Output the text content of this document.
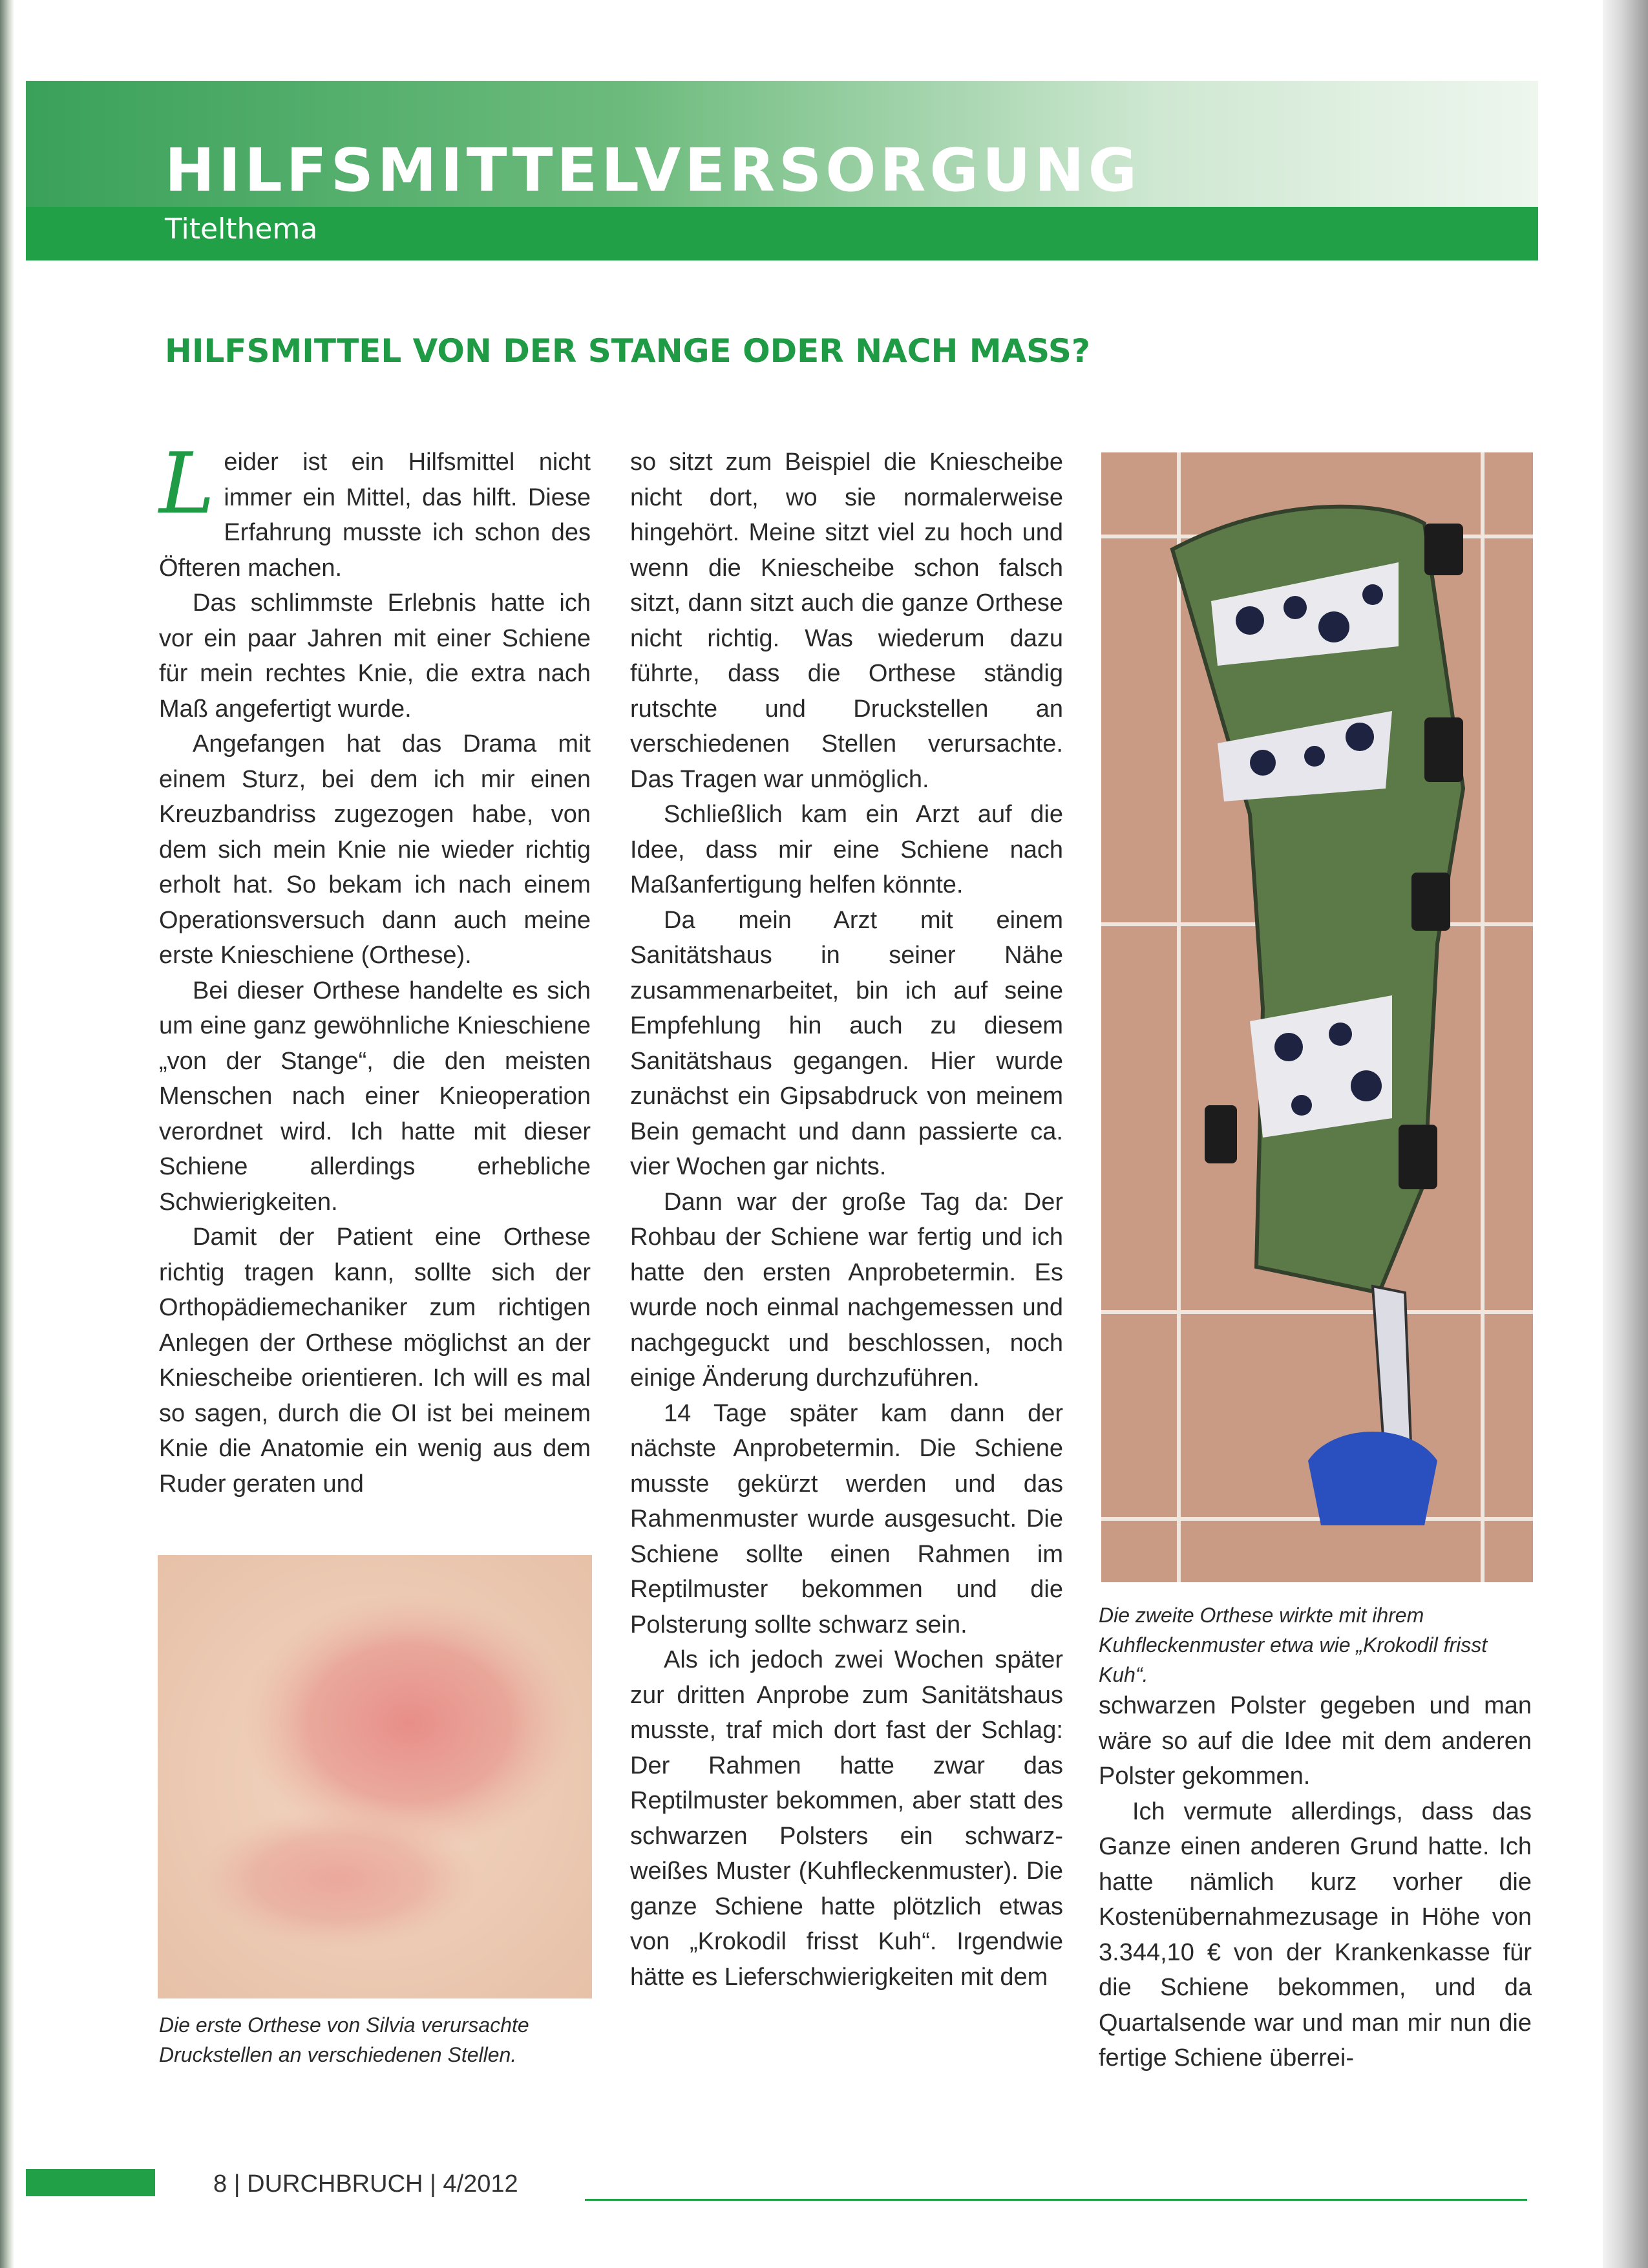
HILFSMITTELVERSORGUNG
Titelthema
HILFSMITTEL VON DER STANGE ODER NACH MASS?

Leider ist ein Hilfsmittel nicht immer ein Mittel, das hilft. Diese Erfahrung musste ich schon des Öfteren machen.

Das schlimmste Erlebnis hatte ich vor ein paar Jahren mit einer Schiene für mein rechtes Knie, die extra nach Maß angefertigt wurde.

Angefangen hat das Drama mit einem Sturz, bei dem ich mir einen Kreuzbandriss zugezogen habe, von dem sich mein Knie nie wieder richtig erholt hat. So bekam ich nach einem Operationsversuch dann auch meine erste Knieschiene (Orthese).

Bei dieser Orthese handelte es sich um eine ganz gewöhnliche Knieschiene „von der Stange“, die den meisten Menschen nach einer Knieoperation verordnet wird. Ich hatte mit dieser Schiene allerdings erhebliche Schwierigkeiten.

Damit der Patient eine Orthese richtig tragen kann, sollte sich der Orthopädiemechaniker zum richtigen Anlegen der Orthese möglichst an der Kniescheibe orientieren. Ich will es mal so sagen, durch die OI ist bei meinem Knie die Anatomie ein wenig aus dem Ruder geraten und

Die erste Orthese von Silvia verursachte Druckstellen an verschiedenen Stellen.

so sitzt zum Beispiel die Kniescheibe nicht dort, wo sie normalerweise hingehört. Meine sitzt viel zu hoch und wenn die Kniescheibe schon falsch sitzt, dann sitzt auch die ganze Orthese nicht richtig. Was wiederum dazu führte, dass die Orthese ständig rutschte und Druckstellen an verschiedenen Stellen verursachte. Das Tragen war unmöglich.

Schließlich kam ein Arzt auf die Idee, dass mir eine Schiene nach Maßanfertigung helfen könnte.

Da mein Arzt mit einem Sanitätshaus in seiner Nähe zusammenarbeitet, bin ich auf seine Empfehlung hin auch zu diesem Sanitätshaus gegangen. Hier wurde zunächst ein Gipsabdruck von meinem Bein gemacht und dann passierte ca. vier Wochen gar nichts.

Dann war der große Tag da: Der Rohbau der Schiene war fertig und ich hatte den ersten Anprobetermin. Es wurde noch einmal nachgemessen und nachgeguckt und beschlossen, noch einige Änderung durchzuführen.

14 Tage später kam dann der nächste Anprobetermin. Die Schiene musste gekürzt werden und das Rahmenmuster wurde ausgesucht. Die Schiene sollte einen Rahmen im Reptilmuster bekommen und die Polsterung sollte schwarz sein.

Als ich jedoch zwei Wochen später zur dritten Anprobe zum Sanitätshaus musste, traf mich dort fast der Schlag: Der Rahmen hatte zwar das Reptilmuster bekommen, aber statt des schwarzen Polsters ein schwarz-weißes Muster (Kuhfleckenmuster). Die ganze Schiene hatte plötzlich etwas von „Krokodil frisst Kuh“. Irgendwie hätte es Lieferschwierigkeiten mit dem

Die zweite Orthese wirkte mit ihrem Kuhfleckenmuster etwa wie „Krokodil frisst Kuh“.

schwarzen Polster gegeben und man wäre so auf die Idee mit dem anderen Polster gekommen.

Ich vermute allerdings, dass das Ganze einen anderen Grund hatte. Ich hatte nämlich kurz vorher die Kostenübernahmezusage in Höhe von 3.344,10 € von der Krankenkasse für die Schiene bekommen, und da Quartalsende war und man mir nun die fertige Schiene überrei-

8 | DURCHBRUCH | 4/2012
